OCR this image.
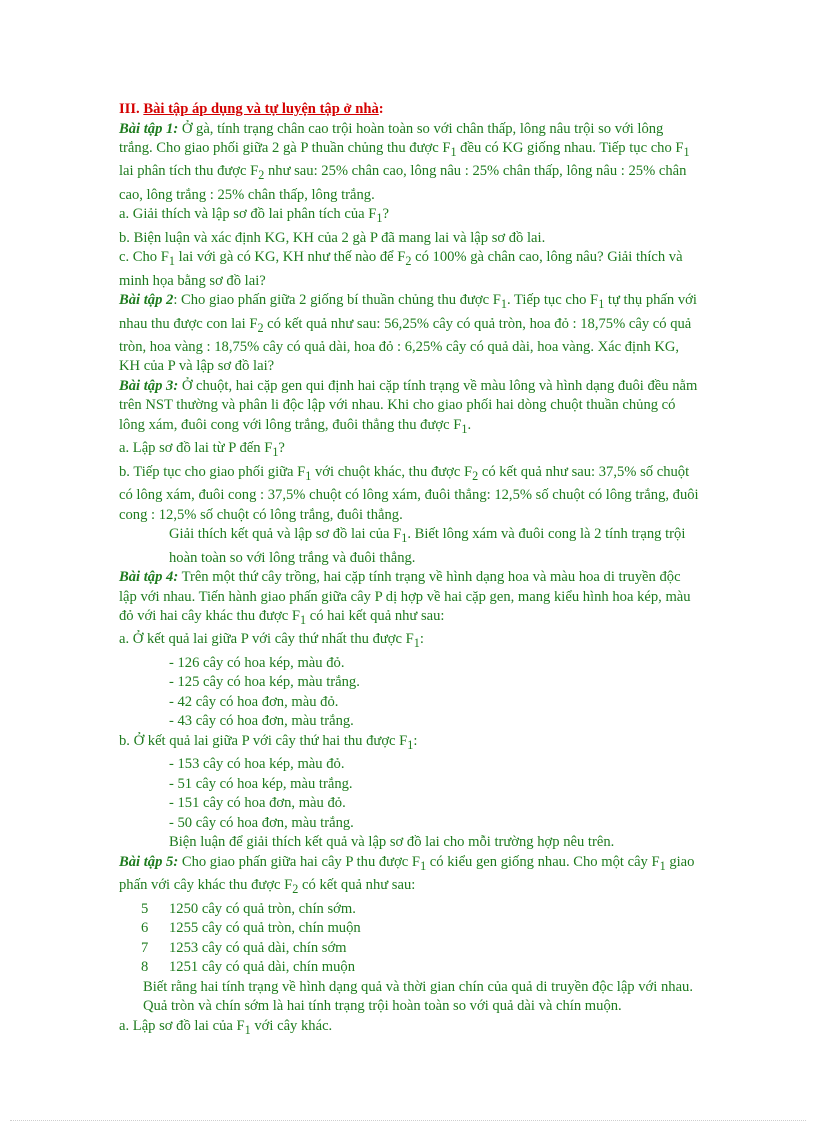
III. Bài tập áp dụng và tự luyện tập ở nhà:

Bài tập 1: Ở gà, tính trạng chân cao trội hoàn toàn so với chân thấp, lông nâu trội so với lông trắng. Cho giao phối giữa 2 gà P thuần chủng thu được $F_1$ đều có KG giống nhau. Tiếp tục cho $F_1$ lai phân tích thu được $F_2$ như sau: 25% chân cao, lông nâu : 25% chân thấp, lông nâu : 25% chân cao, lông trắng : 25% chân thấp, lông trắng.

a. Giải thích và lập sơ đồ lai phân tích của $F_1$?

b. Biện luận và xác định KG, KH của 2 gà P đã mang lai và lập sơ đồ lai.

c. Cho $F_1$ lai với gà có KG, KH như thế nào để $F_2$ có 100% gà chân cao, lông nâu? Giải thích và minh họa bằng sơ đồ lai?

Bài tập 2: Cho giao phấn giữa 2 giống bí thuần chủng thu được $F_1$. Tiếp tục cho $F_1$ tự thụ phấn với nhau thu được con lai $F_2$ có kết quả như sau: 56,25% cây có quả tròn, hoa đỏ : 18,75% cây có quả tròn, hoa vàng : 18,75% cây có quả dài, hoa đỏ : 6,25% cây có quả dài, hoa vàng. Xác định KG, KH của P và lập sơ đồ lai?

Bài tập 3: Ở chuột, hai cặp gen qui định hai cặp tính trạng về màu lông và hình dạng đuôi đều nằm trên NST thường và phân li độc lập với nhau. Khi cho giao phối hai dòng chuột thuần chủng có lông xám, đuôi cong với lông trắng, đuôi thẳng thu được $F_1$.

a. Lập sơ đồ lai từ P đến $F_1$?

b. Tiếp tục cho giao phối giữa $F_1$ với chuột khác, thu được $F_2$ có kết quả như sau: 37,5% số chuột có lông xám, đuôi cong : 37,5% chuột có lông xám, đuôi thẳng: 12,5% số chuột có lông trắng, đuôi cong : 12,5% số chuột có lông trắng, đuôi thẳng.

Giải thích kết quả và lập sơ đồ lai của $F_1$. Biết lông xám và đuôi cong là 2 tính trạng trội hoàn toàn so với lông trắng và đuôi thẳng.

Bài tập 4: Trên một thứ cây trồng, hai cặp tính trạng về hình dạng hoa và màu hoa di truyền độc lập với nhau. Tiến hành giao phấn giữa cây P dị hợp về hai cặp gen, mang kiểu hình hoa kép, màu đỏ với hai cây khác thu được $F_1$ có hai kết quả như sau:

a. Ở kết quả lai giữa P với cây thứ nhất thu được $F_1$:

- 126 cây có hoa kép, màu đỏ.

- 125 cây có hoa kép, màu trắng.

- 42 cây có hoa đơn, màu đỏ.

- 43 cây có hoa đơn, màu trắng.

b. Ở kết quả lai giữa P với cây thứ hai thu được $F_1$:

- 153 cây có hoa kép, màu đỏ.

- 51 cây có hoa kép, màu trắng.

- 151 cây có hoa đơn, màu đỏ.

- 50 cây có hoa đơn, màu trắng.

Biện luận để giải thích kết quả và lập sơ đồ lai cho mỗi trường hợp nêu trên.

Bài tập 5: Cho giao phấn giữa hai cây P thu được $F_1$ có kiểu gen giống nhau. Cho một cây $F_1$ giao phấn với cây khác thu được $F_2$ có kết quả như sau:

5 1250 cây có quả tròn, chín sớm.

6 1255 cây có quả tròn, chín muộn

7 1253 cây có quả dài, chín sớm

8 1251 cây có quả dài, chín muộn

Biết rằng hai tính trạng về hình dạng quả và thời gian chín của quả di truyền độc lập với nhau. Quả tròn và chín sớm là hai tính trạng trội hoàn toàn so với quả dài và chín muộn.

a. Lập sơ đồ lai của $F_1$ với cây khác.
